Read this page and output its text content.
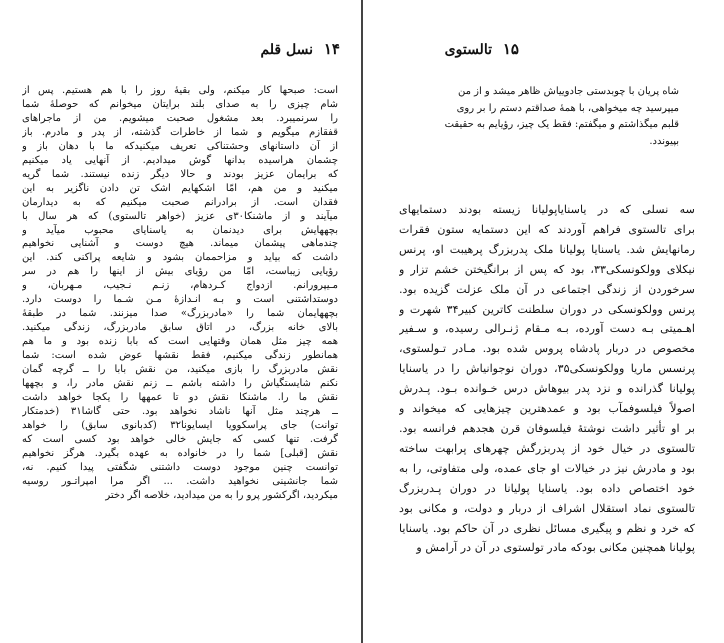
۱۴ نسل قلم
است: صبحها کار میکنم، ولی بقیهٔ روز را با هم هستیم. پس از
شام چیزی را به صدای بلند برایتان میخوانم که حوصلهٔ شما
را سرنمیبرد. بعد مشغول صحبت میشویم. من از ماجراهای
قفقازم میگویم و شما از خاطرات گذشته، از پدر و مادرم. باز
از آن داستانهای وحشتناکی تعریف میکنیدکه ما با دهان باز و
چشمان هراسیده بدانها گوش میدادیم. از آنهایی یاد میکنیم
که برایمان عزیز بودند و حالا دیگر زنده نیستند. شما گریه
میکنید و من هم، امّا اشکهایم اشک تن دادن ناگزیر به این
فقدان است. از برادرانم صحبت میکنیم که به دیدارمان
میآیند و از ماشنکا۳۰ی عزیز (خواهر تالستوی) که هر سال با
بچههایش برای دیدنمان به یاسنایای محبوب میآید و
چندماهی پیشمان میماند. هیچ دوست و آشنایی نخواهیم
داشت که بیاید و مزاحممان بشود و شایعه پراکنی کند. این
رؤیایی زیباست، امّا من رؤیای بیش از اینها را هم در سر
مـیپرورانم. ازدواج کـردهام، زنـم نـجیب، مـهربان، و
دوستداشتنی است و بـه انـدازهٔ مـن شـما را دوست دارد.
بچههایمان شما را «مادربزرگ» صدا میزنند. شما در طبقهٔ
بالای خانه بزرگ، در اتاق سابق مادربزرگ، زندگی میکنید.
همه چیز مثل همان وقتهایی است که بابا زنده بود و ما هم
همانطور زندگی میکنیم، فقط نقشها عوض شده است: شما
نقش مادربزرگ را بازی میکنید، من نقش بابا را ــ گرچه گمان
نکنم شایستگیاش را داشته باشم ــ زنم نقش مادر را، و بچهها
نقش ما را. ماشنکا نقش دو تا عمهها را یکجا خواهد داشت
ــ هرچند مثل آنها ناشاد نخواهد بود. حتی گاشا۳۱ (خدمتکار
توانت) جای پراسکوویا ایسایونا۳۲ (کدبانوی سابق) را خواهد
گرفت. تنها کسی که جایش خالی خواهد بود کسی است که
نقش [قبلی] شما را در خانواده به عهده بگیرد. هرگز نخواهیم
توانست چنین موجود دوست داشتنی شگفتی پیدا کنیم. نه،
شما جانشینی نخواهید داشت. ... اگر مرا امپراتـور روسیه
میکردید، اگرکشور پرو را به من میدادید، خلاصه اگر دختر
۱۵ تالستوی
شاه پریان با چوبدستی جادوییاش ظاهر میشد و از من
میپرسید چه میخواهی، با همهٔ صداقتم دستم را بر روی
قلبم میگذاشتم و میگفتم: فقط یک چیز، رؤیایم به حقیقت
بپیوندد.
سه نسلی که در یاسنایاپولیانا زیسته بودند دستمایهای
برای تالستوی فراهم آوردند که این دستمایه ستون فقرات
رمانهایش شد. یاسنایا پولیانا ملک پدربزرگ پرهیبت او، پرنس
نیکلای وولکونسکی۳۳، بود که پس از برانگیختن خشم تزار و
سرخوردن از زندگی اجتماعی در آن ملک عزلت گزیده بود.
پرنس وولکونسکی در دوران سلطنت کاترین کبیر۳۴ شهرت و
اهـمیتی بـه دست آورده، بـه مـقام ژنـرالی رسیده، و سـفیر
مخصوص در دربار پادشاه پروس شده بود. مـادر تـولستوی،
پرنسس ماریا وولکونسکی۳۵، دوران نوجوانیاش را در یاسنایا
پولیانا گذرانده و نزد پدر بیوهاش درس خـوانده بـود. پـدرش
اصولاً فیلسوفمآب بود و عمدهترین چیزهایی که میخواند و
بر او تأثیر داشت نوشتهٔ فیلسوفان قرن هجدهم فرانسه بود.
تالستوی در خیال خود از پدربزرگش چهرهای پرابهت ساخته
بود و مادرش نیز در خیالات او جای عمده، ولی متفاوتی، را به
خود اختصاص داده بود. یاسنایا پولیانا در دوران پـدربزرگ
تالستوی نماد استقلال اشراف از دربار و دولت، و مکانی بود
که خرد و نظم و پیگیری مسائل نظری در آن حاکم بود. یاسنایا
پولیانا همچنین مکانی بودکه مادر تولستوی در آن در آرامش و
